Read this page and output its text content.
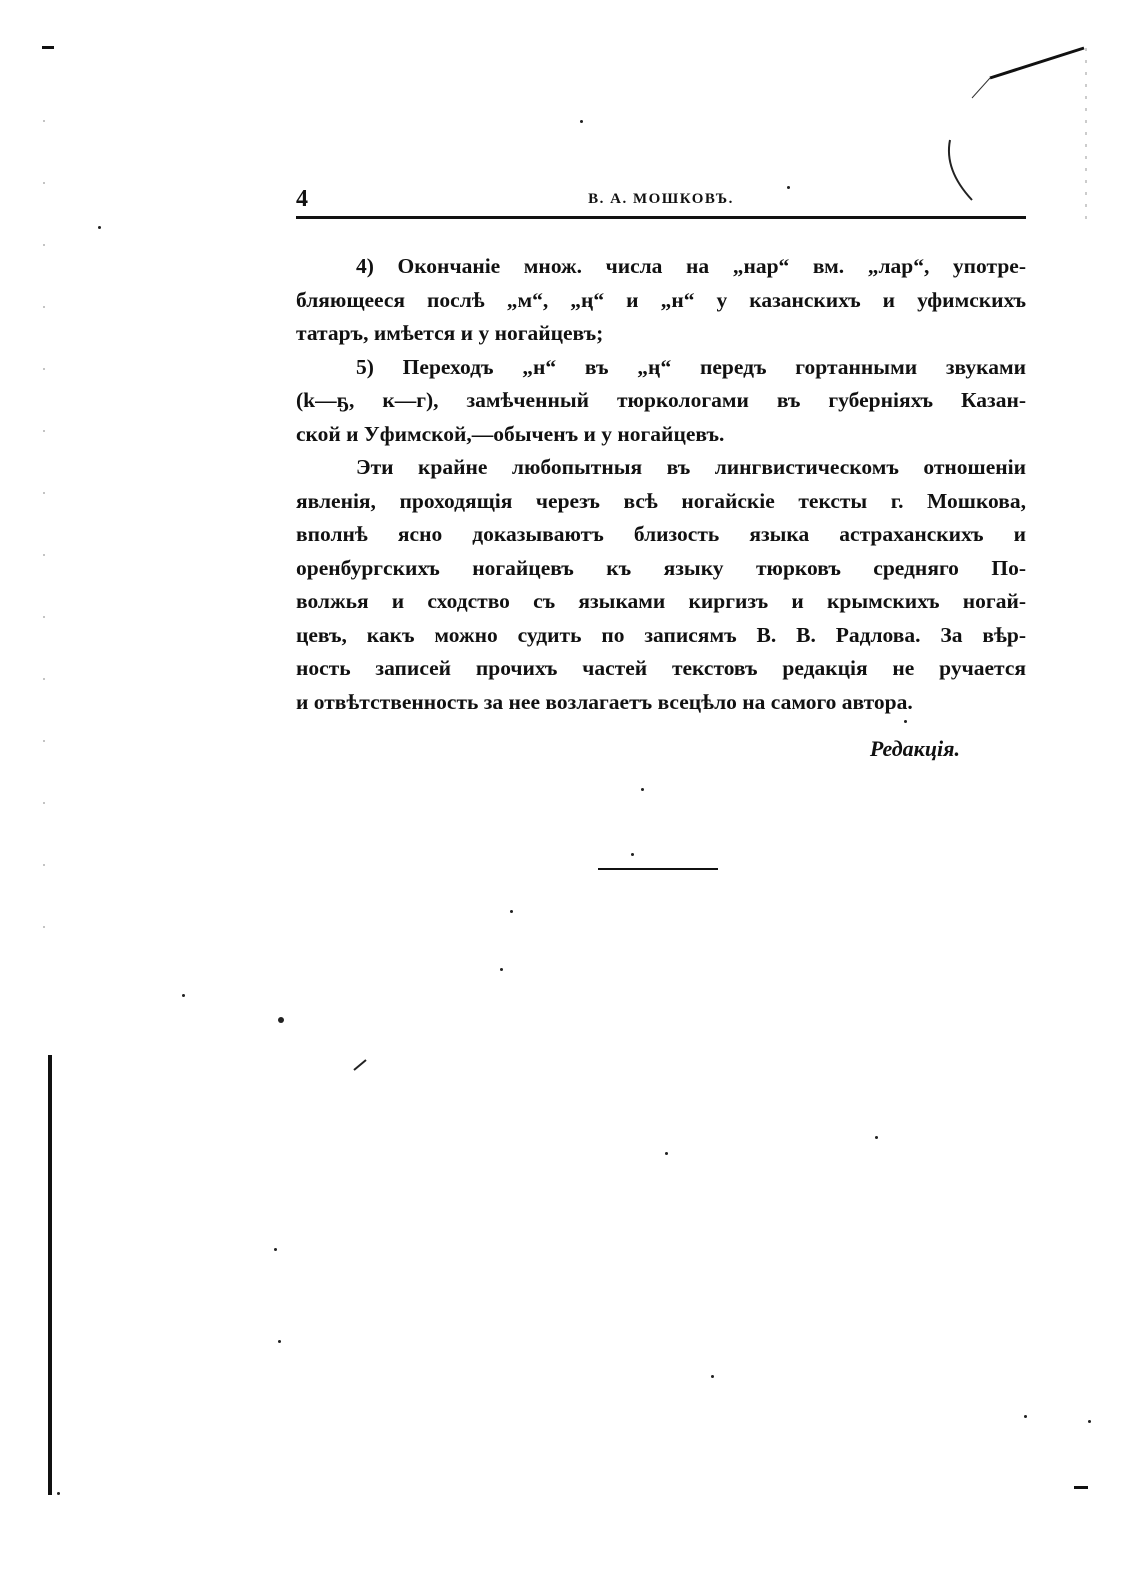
4	В. А. МОШКОВЪ.

4) Окончаніе множ. числа на „нар“ вм. „лар“, употре-
бляющееся послѣ „м“, „ң“ и „н“ у казанскихъ и уфимскихъ
татаръ, имѣется и у ногайцевъ;

5) Переходъ „н“ въ „ң“ передъ гортанными звуками
(k—ҕ, к—г), замѣченный тюркологами въ губерніяхъ Казан-
ской и Уфимской,—обыченъ и у ногайцевъ.

Эти крайне любопытныя въ лингвистическомъ отношеніи
явленія, проходящія черезъ всѣ ногайскіе тексты г. Мошкова,
вполнѣ ясно доказываютъ близость языка астраханскихъ и
оренбургскихъ ногайцевъ къ языку тюрковъ средняго По-
волжья и сходство съ языками киргизъ и крымскихъ ногай-
цевъ, какъ можно судить по записямъ В. В. Радлова. За вѣр-
ность записей прочихъ частей текстовъ редакція не ручается
и отвѣтственность за нее возлагаетъ всецѣло на самого автора.

Редакція.
